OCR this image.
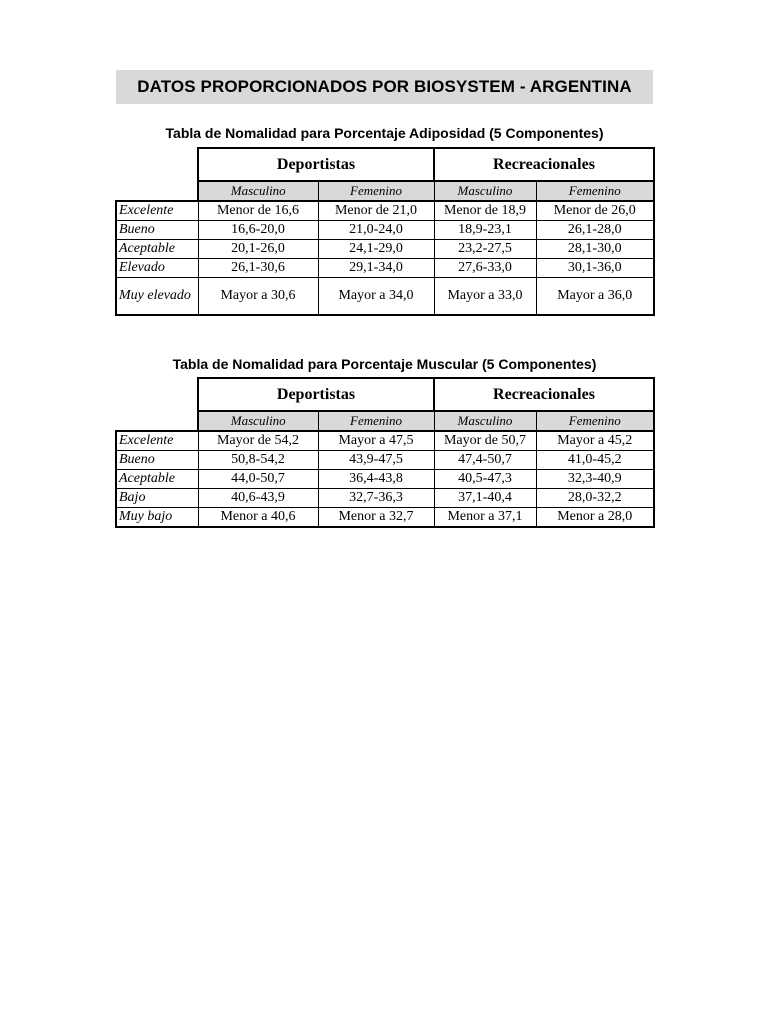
DATOS PROPORCIONADOS POR BIOSYSTEM - ARGENTINA
Tabla de Nomalidad para Porcentaje Adiposidad (5 Componentes)
	Deportistas		Recreacionales	
	Masculino	Femenino	Masculino	Femenino
Excelente	Menor de 16,6	Menor de 21,0	Menor de 18,9	Menor de 26,0
Bueno	16,6-20,0	21,0-24,0	18,9-23,1	26,1-28,0
Aceptable	20,1-26,0	24,1-29,0	23,2-27,5	28,1-30,0
Elevado	26,1-30,6	29,1-34,0	27,6-33,0	30,1-36,0
Muy elevado	Mayor a 30,6	Mayor a 34,0	Mayor a 33,0	Mayor a 36,0
Tabla de Nomalidad para Porcentaje Muscular (5 Componentes)
	Deportistas		Recreacionales	
	Masculino	Femenino	Masculino	Femenino
Excelente	Mayor de 54,2	Mayor a 47,5	Mayor de 50,7	Mayor a 45,2
Bueno	50,8-54,2	43,9-47,5	47,4-50,7	41,0-45,2
Aceptable	44,0-50,7	36,4-43,8	40,5-47,3	32,3-40,9
Bajo	40,6-43,9	32,7-36,3	37,1-40,4	28,0-32,2
Muy bajo	Menor a 40,6	Menor a 32,7	Menor a 37,1	Menor a 28,0
